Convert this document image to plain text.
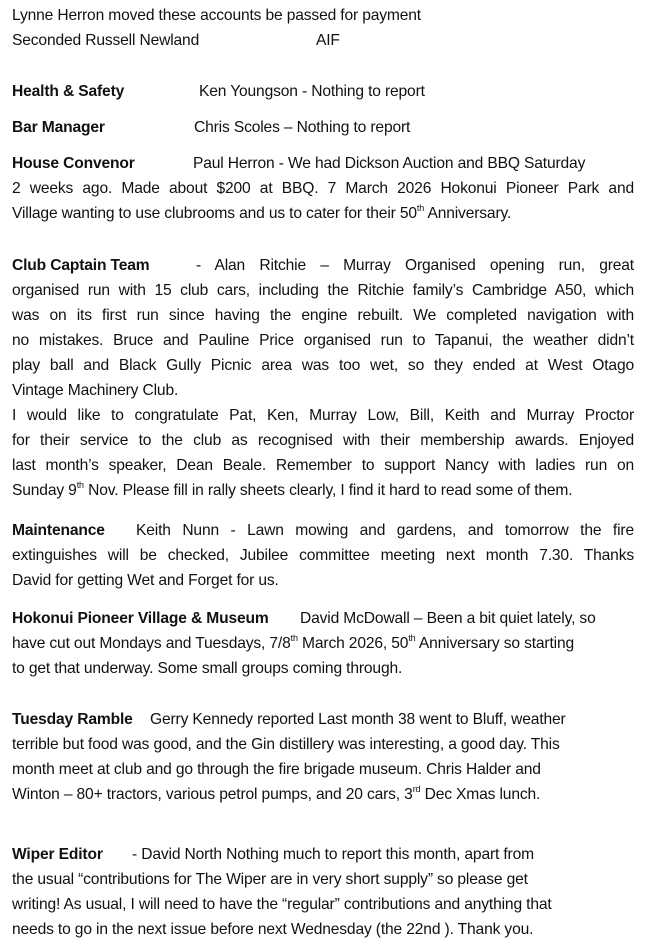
Lynne Herron moved these accounts be passed for payment
Seconded Russell Newland	AIF
Health & Safety	Ken Youngson - Nothing to report
Bar Manager	Chris Scoles – Nothing to report
House Convenor	Paul Herron - We had Dickson Auction and BBQ Saturday
2 weeks ago. Made about $200 at BBQ. 7 March 2026 Hokonui Pioneer Park and
Village wanting to use clubrooms and us to cater for their 50th Anniversary.
Club Captain Team	- Alan Ritchie – Murray Organised opening run, great
organised run with 15 club cars, including the Ritchie family’s Cambridge A50, which
was on its first run since having the engine rebuilt. We completed navigation with
no mistakes. Bruce and Pauline Price organised run to Tapanui, the weather didn’t
play ball and Black Gully Picnic area was too wet, so they ended at West Otago
Vintage Machinery Club.
I would like to congratulate Pat, Ken, Murray Low, Bill, Keith and Murray Proctor
for their service to the club as recognised with their membership awards. Enjoyed
last month’s speaker, Dean Beale. Remember to support Nancy with ladies run on
Sunday 9th Nov. Please fill in rally sheets clearly, I find it hard to read some of them.
Maintenance Keith Nunn - Lawn mowing and gardens, and tomorrow the fire
extinguishes will be checked, Jubilee committee meeting next month 7.30. Thanks
David for getting Wet and Forget for us.
Hokonui Pioneer Village & Museum David McDowall – Been a bit quiet lately, so
have cut out Mondays and Tuesdays, 7/8th March 2026, 50th Anniversary so starting
to get that underway. Some small groups coming through.
Tuesday Ramble Gerry Kennedy reported Last month 38 went to Bluff, weather
terrible but food was good, and the Gin distillery was interesting, a good day. This
month meet at club and go through the fire brigade museum. Chris Halder and
Winton – 80+ tractors, various petrol pumps, and 20 cars, 3rd Dec Xmas lunch.
Wiper Editor - David North Nothing much to report this month, apart from
the usual “contributions for The Wiper are in very short supply” so please get
writing! As usual, I will need to have the “regular” contributions and anything that
needs to go in the next issue before next Wednesday (the 22nd ). Thank you.
